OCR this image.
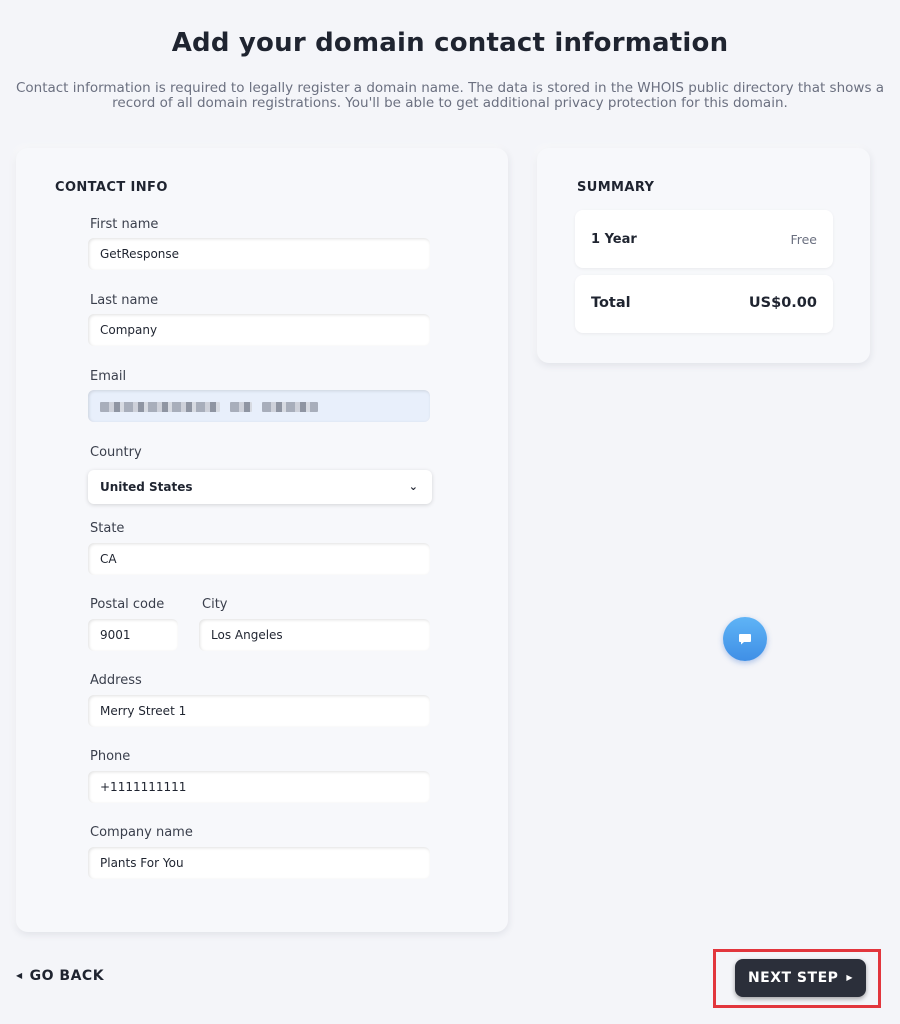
Add your domain contact information
Contact information is required to legally register a domain name. The data is stored in the WHOIS public directory that shows a
record of all domain registrations. You'll be able to get additional privacy protection for this domain.
CONTACT INFO
First name
GetResponse
Last name
Company
Email
Country
United States	⌄
State
CA
Postal code
9001
City
Los Angeles
Address
Merry Street 1
Phone
+1111111111
Company name
Plants For You
SUMMARY
1 Year	Free
Total	US$0.00
◀ GO BACK	NEXT STEP ▶
